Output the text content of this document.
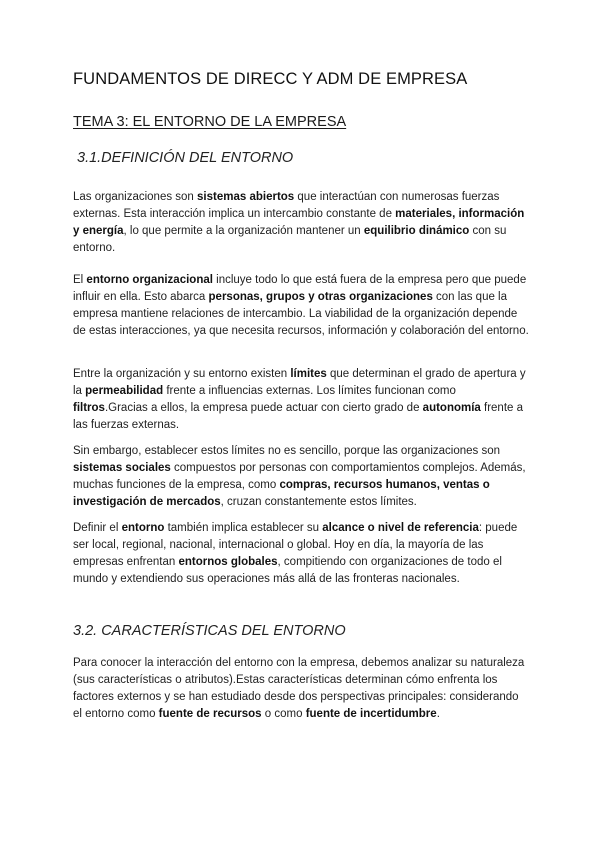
FUNDAMENTOS DE DIRECC Y ADM DE EMPRESA
TEMA 3: EL ENTORNO DE LA EMPRESA
3.1.DEFINICIÓN DEL ENTORNO

Las organizaciones son sistemas abiertos que interactúan con numerosas fuerzas externas. Esta interacción implica un intercambio constante de materiales, información y energía, lo que permite a la organización mantener un equilibrio dinámico con su entorno.

El entorno organizacional incluye todo lo que está fuera de la empresa pero que puede influir en ella. Esto abarca personas, grupos y otras organizaciones con las que la empresa mantiene relaciones de intercambio. La viabilidad de la organización depende de estas interacciones, ya que necesita recursos, información y colaboración del entorno.

Entre la organización y su entorno existen límites que determinan el grado de apertura y la permeabilidad frente a influencias externas. Los límites funcionan como filtros.Gracias a ellos, la empresa puede actuar con cierto grado de autonomía frente a las fuerzas externas.

Sin embargo, establecer estos límites no es sencillo, porque las organizaciones son sistemas sociales compuestos por personas con comportamientos complejos. Además, muchas funciones de la empresa, como compras, recursos humanos, ventas o investigación de mercados, cruzan constantemente estos límites.

Definir el entorno también implica establecer su alcance o nivel de referencia: puede ser local, regional, nacional, internacional o global. Hoy en día, la mayoría de las empresas enfrentan entornos globales, compitiendo con organizaciones de todo el mundo y extendiendo sus operaciones más allá de las fronteras nacionales.

3.2. CARACTERÍSTICAS DEL ENTORNO

Para conocer la interacción del entorno con la empresa, debemos analizar su naturaleza (sus características o atributos).Estas características determinan cómo enfrenta los factores externos y se han estudiado desde dos perspectivas principales: considerando el entorno como fuente de recursos o como fuente de incertidumbre.
